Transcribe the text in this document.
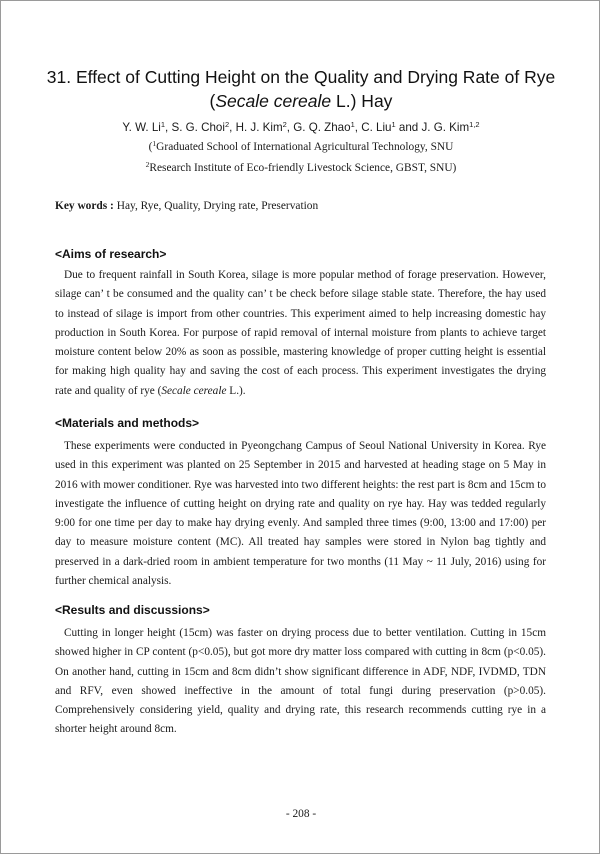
31. Effect of Cutting Height on the Quality and Drying Rate of Rye
(Secale cereale L.) Hay
Y. W. Li$^1$, S. G. Choi$^2$, H. J. Kim$^2$, G. Q. Zhao$^1$, C. Liu$^1$ and J. G. Kim$^{1,2}$
($^1$Graduated School of International Agricultural Technology, SNU
$^2$Research Institute of Eco-friendly Livestock Science, GBST, SNU)
Key words : Hay, Rye, Quality, Drying rate, Preservation
<Aims of research>

Due to frequent rainfall in South Korea, silage is more popular method of forage preservation. However, silage can’ t be consumed and the quality can’ t be check before silage stable state. Therefore, the hay used to instead of silage is import from other countries. This experiment aimed to help increasing domestic hay production in South Korea. For purpose of rapid removal of internal moisture from plants to achieve target moisture content below 20% as soon as possible, mastering knowledge of proper cutting height is essential for making high quality hay and saving the cost of each process. This experiment investigates the drying rate and quality of rye (Secale cereale L.).

<Materials and methods>

These experiments were conducted in Pyeongchang Campus of Seoul National University in Korea. Rye used in this experiment was planted on 25 September in 2015 and harvested at heading stage on 5 May in 2016 with mower conditioner. Rye was harvested into two different heights: the rest part is 8cm and 15cm to investigate the influence of cutting height on drying rate and quality on rye hay. Hay was tedded regularly 9:00 for one time per day to make hay drying evenly. And sampled three times (9:00, 13:00 and 17:00) per day to measure moisture content (MC). All treated hay samples were stored in Nylon bag tightly and preserved in a dark-dried room in ambient temperature for two months (11 May ~ 11 July, 2016) using for further chemical analysis.

<Results and discussions>

Cutting in longer height (15cm) was faster on drying process due to better ventilation. Cutting in 15cm showed higher in CP content (p<0.05), but got more dry matter loss compared with cutting in 8cm (p<0.05). On another hand, cutting in 15cm and 8cm didn’t show significant difference in ADF, NDF, IVDMD, TDN and RFV, even showed ineffective in the amount of total fungi during preservation (p>0.05). Comprehensively considering yield, quality and drying rate, this research recommends cutting rye in a shorter height around 8cm.

- 208 -
